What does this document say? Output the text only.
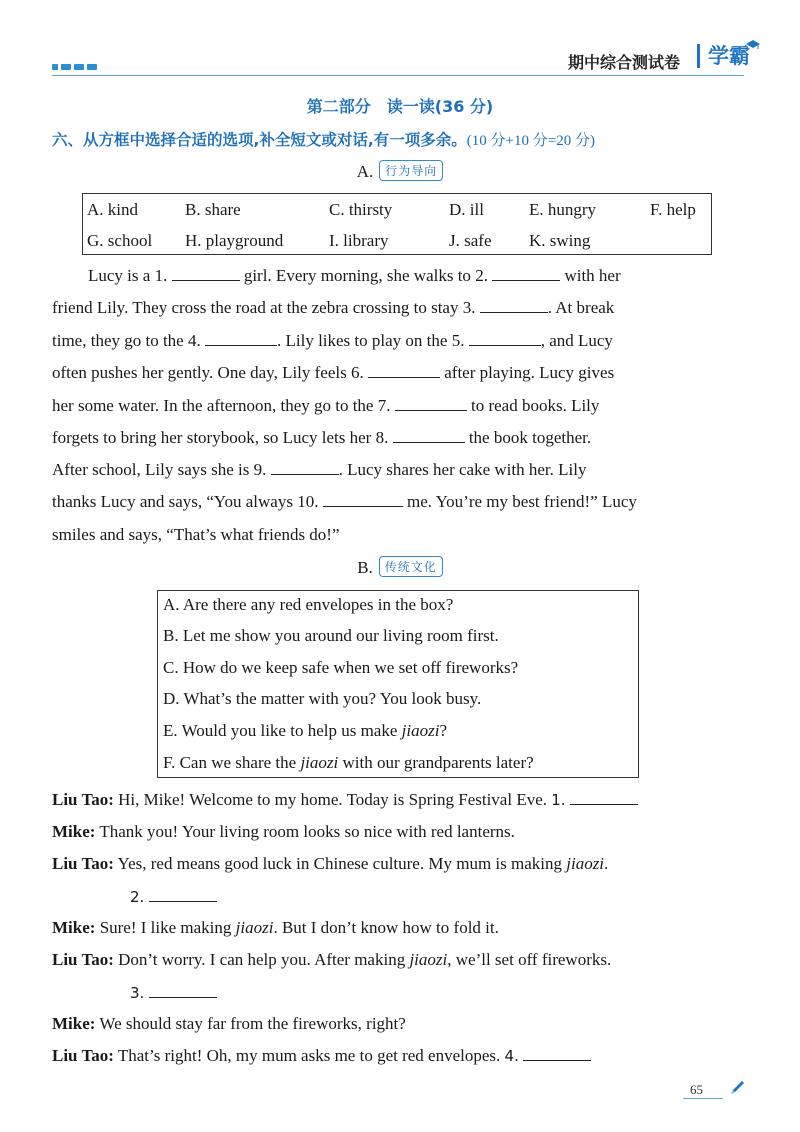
期中综合测试卷	学霸
第二部分　读一读(36 分)
六、从方框中选择合适的选项,补全短文或对话,有一项多余。(10 分+10 分=20 分)
A. 行为导向
A. kind	B. share	C. thirsty	D. ill	E. hungry	F. help
G. school H. playground	I. library	J. safe K. swing
Lucy is a 1.	girl. Every morning, she walks to 2.	with her
friend Lily. They cross the road at the zebra crossing to stay 3.	. At break
time, they go to the 4.	. Lily likes to play on the 5.	, and Lucy
often pushes her gently. One day, Lily feels 6.	after playing. Lucy gives
her some water. In the afternoon, they go to the 7.	to read books. Lily
forgets to bring her storybook, so Lucy lets her 8.	the book together.
After school, Lily says she is 9.	. Lucy shares her cake with her. Lily
thanks Lucy and says, “You always 10.	me. You’re my best friend!” Lucy
smiles and says, “That’s what friends do!”
B. 传统文化
A. Are there any red envelopes in the box?
B. Let me show you around our living room first.
C. How do we keep safe when we set off fireworks?
D. What’s the matter with you? You look busy.
E. Would you like to help us make jiaozi?
F. Can we share the jiaozi with our grandparents later?
Liu Tao: Hi, Mike! Welcome to my home. Today is Spring Festival Eve. 1.
Mike: Thank you! Your living room looks so nice with red lanterns.
Liu Tao: Yes, red means good luck in Chinese culture. My mum is making jiaozi.
2.
Mike: Sure! I like making jiaozi. But I don’t know how to fold it.
Liu Tao: Don’t worry. I can help you. After making jiaozi, we’ll set off fireworks.
3.
Mike: We should stay far from the fireworks, right?
Liu Tao: That’s right! Oh, my mum asks me to get red envelopes. 4.
65
